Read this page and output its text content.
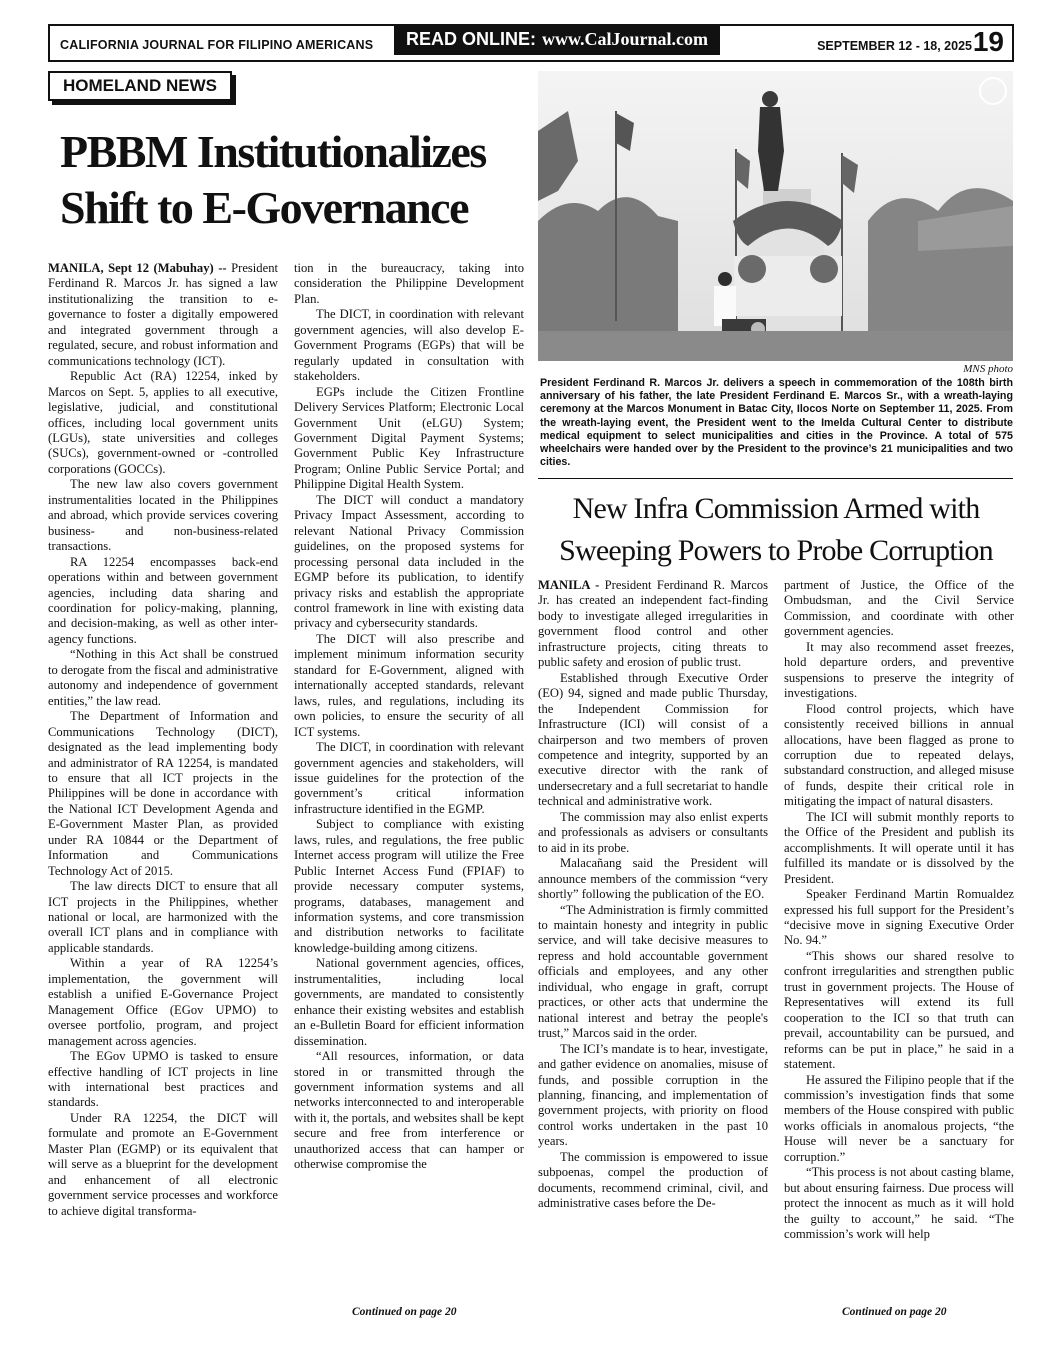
CALIFORNIA JOURNAL FOR FILIPINO AMERICANS READ ONLINE: www.CalJournal.com	SEPTEMBER 12 - 18, 2025 19
HOMELAND NEWS
PBBM Institutionalizes
Shift to E-Governance

MANILA, Sept 12 (Mabuhay) -- President Ferdinand R. Marcos Jr. has signed a law institutionalizing the transition to e-governance to foster a digitally empowered and integrated government through a regulated, secure, and robust information and communications technology (ICT).

Republic Act (RA) 12254, inked by Marcos on Sept. 5, applies to all executive, legislative, judicial, and constitutional offices, including local government units (LGUs), state universities and colleges (SUCs), government-owned or -controlled corporations (GOCCs).

The new law also covers government instrumentalities located in the Philippines and abroad, which provide services covering business- and non-business-related transactions.

RA 12254 encompasses back-end operations within and between government agencies, including data sharing and coordination for policy-making, planning, and decision-making, as well as other inter-agency functions.

“Nothing in this Act shall be construed to derogate from the fiscal and administrative autonomy and independence of government entities,” the law read.

The Department of Information and Communications Technology (DICT), designated as the lead implementing body and administrator of RA 12254, is mandated to ensure that all ICT projects in the Philippines will be done in accordance with the National ICT Development Agenda and E-Government Master Plan, as provided under RA 10844 or the Department of Information and Communications Technology Act of 2015.

The law directs DICT to ensure that all ICT projects in the Philippines, whether national or local, are harmonized with the overall ICT plans and in compliance with applicable standards.

Within a year of RA 12254’s implementation, the government will establish a unified E-Governance Project Management Office (EGov UPMO) to oversee portfolio, program, and project management across agencies.

The EGov UPMO is tasked to ensure effective handling of ICT projects in line with international best practices and standards.

Under RA 12254, the DICT will formulate and promote an E-Government Master Plan (EGMP) or its equivalent that will serve as a blueprint for the development and enhancement of all electronic government service processes and workforce to achieve digital transforma-

tion in the bureaucracy, taking into consideration the Philippine Development Plan.

The DICT, in coordination with relevant government agencies, will also develop E-Government Programs (EGPs) that will be regularly updated in consultation with stakeholders.

EGPs include the Citizen Frontline Delivery Services Platform; Electronic Local Government Unit (eLGU) System; Government Digital Payment Systems; Government Public Key Infrastructure Program; Online Public Service Portal; and Philippine Digital Health System.

The DICT will conduct a mandatory Privacy Impact Assessment, according to relevant National Privacy Commission guidelines, on the proposed systems for processing personal data included in the EGMP before its publication, to identify privacy risks and establish the appropriate control framework in line with existing data privacy and cybersecurity standards.

The DICT will also prescribe and implement minimum information security standard for E-Government, aligned with internationally accepted standards, relevant laws, rules, and regulations, including its own policies, to ensure the security of all ICT systems.

The DICT, in coordination with relevant government agencies and stakeholders, will issue guidelines for the protection of the government’s critical information infrastructure identified in the EGMP.

Subject to compliance with existing laws, rules, and regulations, the free public Internet access program will utilize the Free Public Internet Access Fund (FPIAF) to provide necessary computer systems, programs, databases, management and information systems, and core transmission and distribution networks to facilitate knowledge-building among citizens.

National government agencies, offices, instrumentalities, including local governments, are mandated to consistently enhance their existing websites and establish an e-Bulletin Board for efficient information dissemination.

“All resources, information, or data stored in or transmitted through the government information systems and all networks interconnected to and interoperable with it, the portals, and websites shall be kept secure and free from interference or unauthorized access that can hamper or otherwise compromise the

Continued on page 20
MNS photo
President Ferdinand R. Marcos Jr. delivers a speech in commemoration of the 108th birth anniversary of his father, the late President Ferdinand E. Marcos Sr., with a wreath-laying ceremony at the Marcos Monument in Batac City, Ilocos Norte on September 11, 2025. From the wreath-laying event, the President went to the Imelda Cultural Center to distribute medical equipment to select municipalities and cities in the Province. A total of 575 wheelchairs were handed over by the President to the province’s 21 municipalities and two cities.
New Infra Commission Armed with
Sweeping Powers to Probe Corruption

MANILA - President Ferdinand R. Marcos Jr. has created an independent fact-finding body to investigate alleged irregularities in government flood control and other infrastructure projects, citing threats to public safety and erosion of public trust.

Established through Executive Order (EO) 94, signed and made public Thursday, the Independent Commission for Infrastructure (ICI) will consist of a chairperson and two members of proven competence and integrity, supported by an executive director with the rank of undersecretary and a full secretariat to handle technical and administrative work.

The commission may also enlist experts and professionals as advisers or consultants to aid in its probe.

Malacañang said the President will announce members of the commission “very shortly” following the publication of the EO.

“The Administration is firmly committed to maintain honesty and integrity in public service, and will take decisive measures to repress and hold accountable government officials and employees, and any other individual, who engage in graft, corrupt practices, or other acts that undermine the national interest and betray the people's trust,” Marcos said in the order.

The ICI’s mandate is to hear, investigate, and gather evidence on anomalies, misuse of funds, and possible corruption in the planning, financing, and implementation of government projects, with priority on flood control works undertaken in the past 10 years.

The commission is empowered to issue subpoenas, compel the production of documents, recommend criminal, civil, and administrative cases before the De-

partment of Justice, the Office of the Ombudsman, and the Civil Service Commission, and coordinate with other government agencies.

It may also recommend asset freezes, hold departure orders, and preventive suspensions to preserve the integrity of investigations.

Flood control projects, which have consistently received billions in annual allocations, have been flagged as prone to corruption due to repeated delays, substandard construction, and alleged misuse of funds, despite their critical role in mitigating the impact of natural disasters.

The ICI will submit monthly reports to the Office of the President and publish its accomplishments. It will operate until it has fulfilled its mandate or is dissolved by the President.

Speaker Ferdinand Martin Romualdez expressed his full support for the President’s “decisive move in signing Executive Order No. 94.”

“This shows our shared resolve to confront irregularities and strengthen public trust in government projects. The House of Representatives will extend its full cooperation to the ICI so that truth can prevail, accountability can be pursued, and reforms can be put in place,” he said in a statement.

He assured the Filipino people that if the commission’s investigation finds that some members of the House conspired with public works officials in anomalous projects, “the House will never be a sanctuary for corruption.”

“This process is not about casting blame, but about ensuring fairness. Due process will protect the innocent as much as it will hold the guilty to account,” he said. “The commission’s work will help

Continued on page 20
